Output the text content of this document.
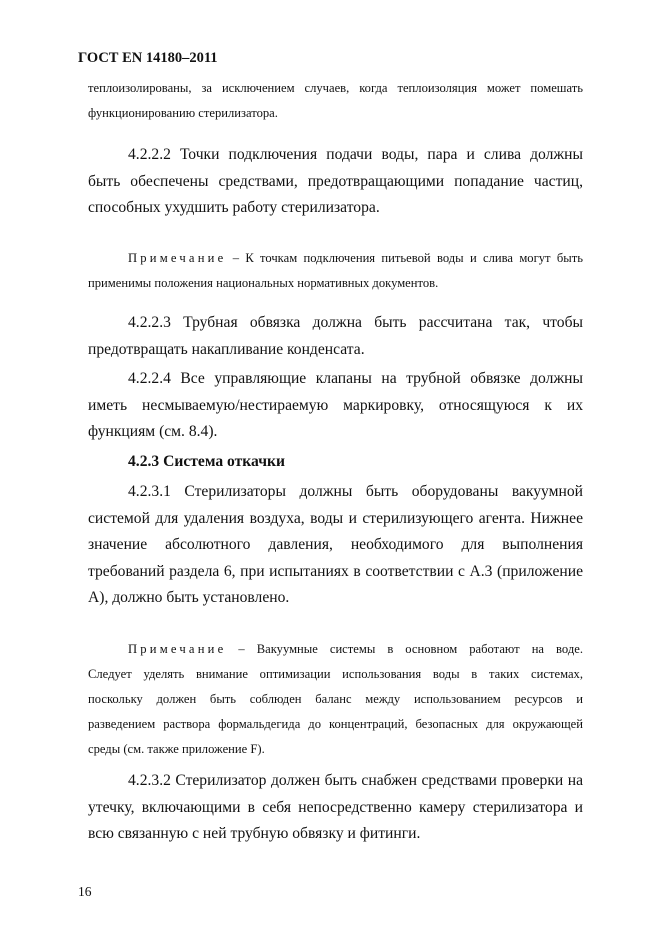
ГОСТ EN 14180–2011
теплоизолированы, за исключением случаев, когда теплоизоляция может помешать
функционированию стерилизатора.
4.2.2.2 Точки подключения подачи воды, пара и слива должны
быть обеспечены средствами, предотвращающими попадание частиц,
способных ухудшить работу стерилизатора.
Примечание – К точкам подключения питьевой воды и слива могут быть
применимы положения национальных нормативных документов.
4.2.2.3 Трубная обвязка должна быть рассчитана так, чтобы
предотвращать накапливание конденсата.
4.2.2.4 Все управляющие клапаны на трубной обвязке должны
иметь несмываемую/нестираемую маркировку, относящуюся к их
функциям (см. 8.4).
4.2.3 Система откачки
4.2.3.1 Стерилизаторы должны быть оборудованы вакуумной
системой для удаления воздуха, воды и стерилизующего агента. Нижнее
значение абсолютного давления, необходимого для выполнения
требований раздела 6, при испытаниях в соответствии с А.3 (приложение
А), должно быть установлено.
Примечание – Вакуумные системы в основном работают на воде.
Следует уделять внимание оптимизации использования воды в таких системах,
поскольку должен быть соблюден баланс между использованием ресурсов и
разведением раствора формальдегида до концентраций, безопасных для окружающей
среды (см. также приложение F).
4.2.3.2 Стерилизатор должен быть снабжен средствами проверки на
утечку, включающими в себя непосредственно камеру стерилизатора и
всю связанную с ней трубную обвязку и фитинги.
16
